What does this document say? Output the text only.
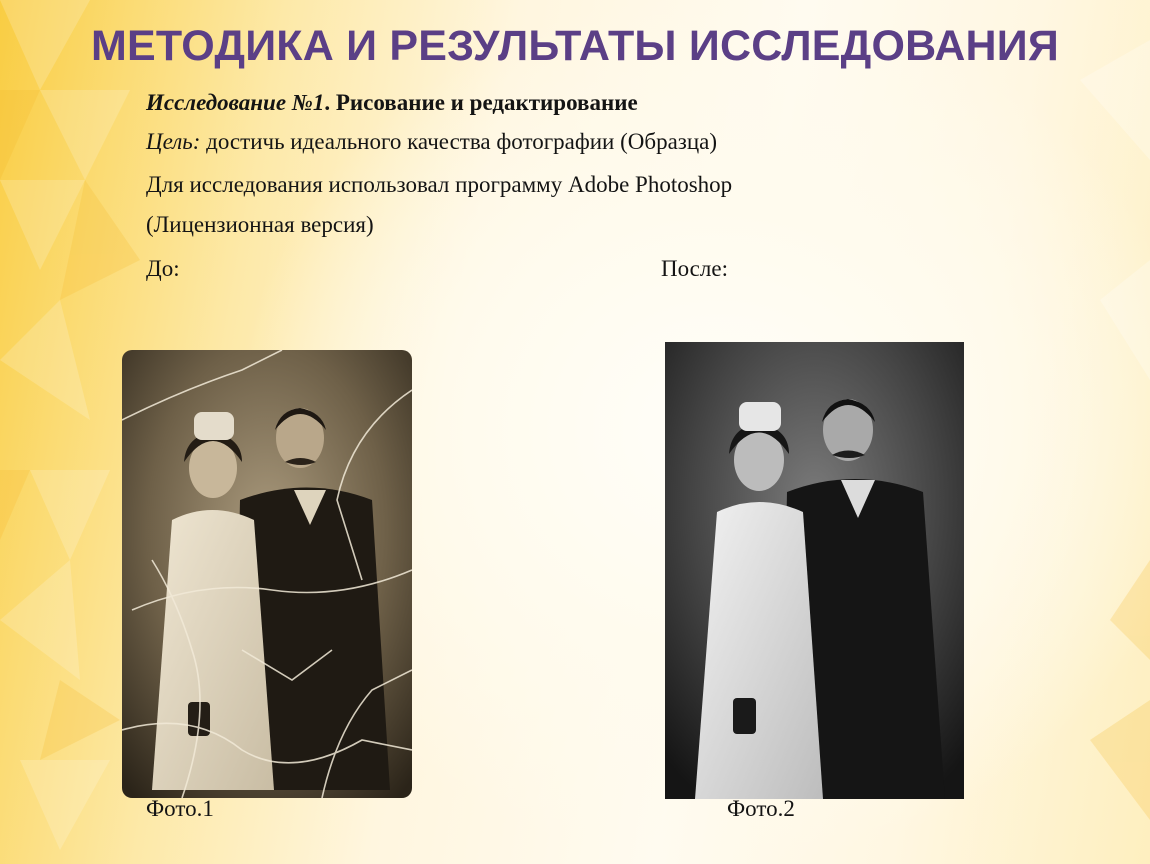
МЕТОДИКА И РЕЗУЛЬТАТЫ ИССЛЕДОВАНИЯ
Исследование №1. Рисование и редактирование
Цель: достичь идеального качества фотографии (Образца)
Для исследования использовал программу Adobe Photoshop
(Лицензионная версия)
До:	После:
Фото.1	Фото.2
